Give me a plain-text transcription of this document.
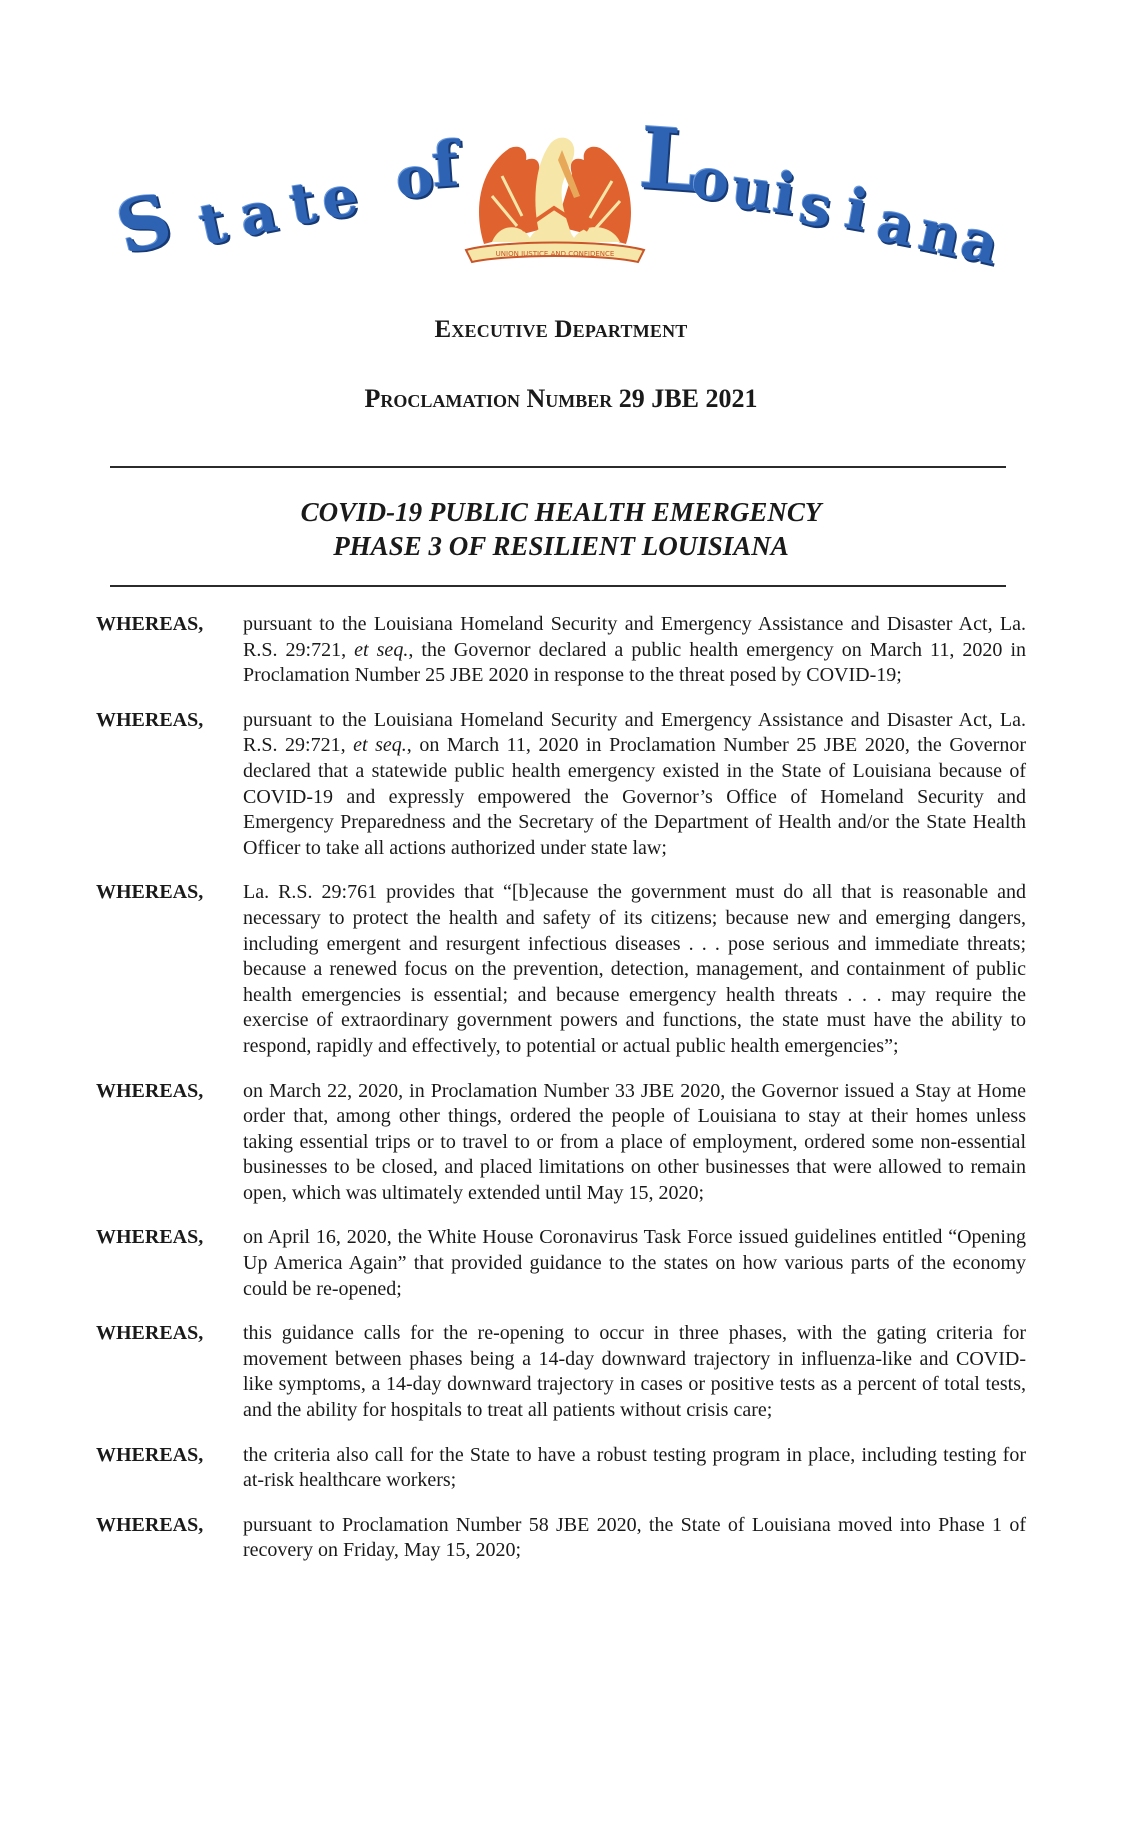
S t a t
e o
f
UNION JUSTICE AND CONFIDENCE
L
o
u
i
s i a
n
a
Executive Department
Proclamation Number 29 JBE 2021
COVID-19 PUBLIC HEALTH EMERGENCY
PHASE 3 OF RESILIENT LOUISIANA
WHEREAS,	pursuant to the Louisiana Homeland Security and Emergency Assistance and Disaster Act, La. R.S. 29:721, et seq., the Governor declared a public health emergency on March 11, 2020 in Proclamation Number 25 JBE 2020 in response to the threat posed by COVID-19;
WHEREAS,	pursuant to the Louisiana Homeland Security and Emergency Assistance and Disaster Act, La. R.S. 29:721, et seq., on March 11, 2020 in Proclamation Number 25 JBE 2020, the Governor declared that a statewide public health emergency existed in the State of Louisiana because of COVID-19 and expressly empowered the Governor’s Office of Homeland Security and Emergency Preparedness and the Secretary of the Department of Health and/or the State Health Officer to take all actions authorized under state law;
WHEREAS,	La. R.S. 29:761 provides that “[b]ecause the government must do all that is reasonable and necessary to protect the health and safety of its citizens; because new and emerging dangers, including emergent and resurgent infectious diseases . . . pose serious and immediate threats; because a renewed focus on the prevention, detection, management, and containment of public health emergencies is essential; and because emergency health threats . . . may require the exercise of extraordinary government powers and functions, the state must have the ability to respond, rapidly and effectively, to potential or actual public health emergencies”;
WHEREAS,	on March 22, 2020, in Proclamation Number 33 JBE 2020, the Governor issued a Stay at Home order that, among other things, ordered the people of Louisiana to stay at their homes unless taking essential trips or to travel to or from a place of employment, ordered some non-essential businesses to be closed, and placed limitations on other businesses that were allowed to remain open, which was ultimately extended until May 15, 2020;
WHEREAS,	on April 16, 2020, the White House Coronavirus Task Force issued guidelines entitled “Opening Up America Again” that provided guidance to the states on how various parts of the economy could be re-opened;
WHEREAS,	this guidance calls for the re-opening to occur in three phases, with the gating criteria for movement between phases being a 14-day downward trajectory in influenza-like and COVID-like symptoms, a 14-day downward trajectory in cases or positive tests as a percent of total tests, and the ability for hospitals to treat all patients without crisis care;
WHEREAS,	the criteria also call for the State to have a robust testing program in place, including testing for at-risk healthcare workers;
WHEREAS,	pursuant to Proclamation Number 58 JBE 2020, the State of Louisiana moved into Phase 1 of recovery on Friday, May 15, 2020;
